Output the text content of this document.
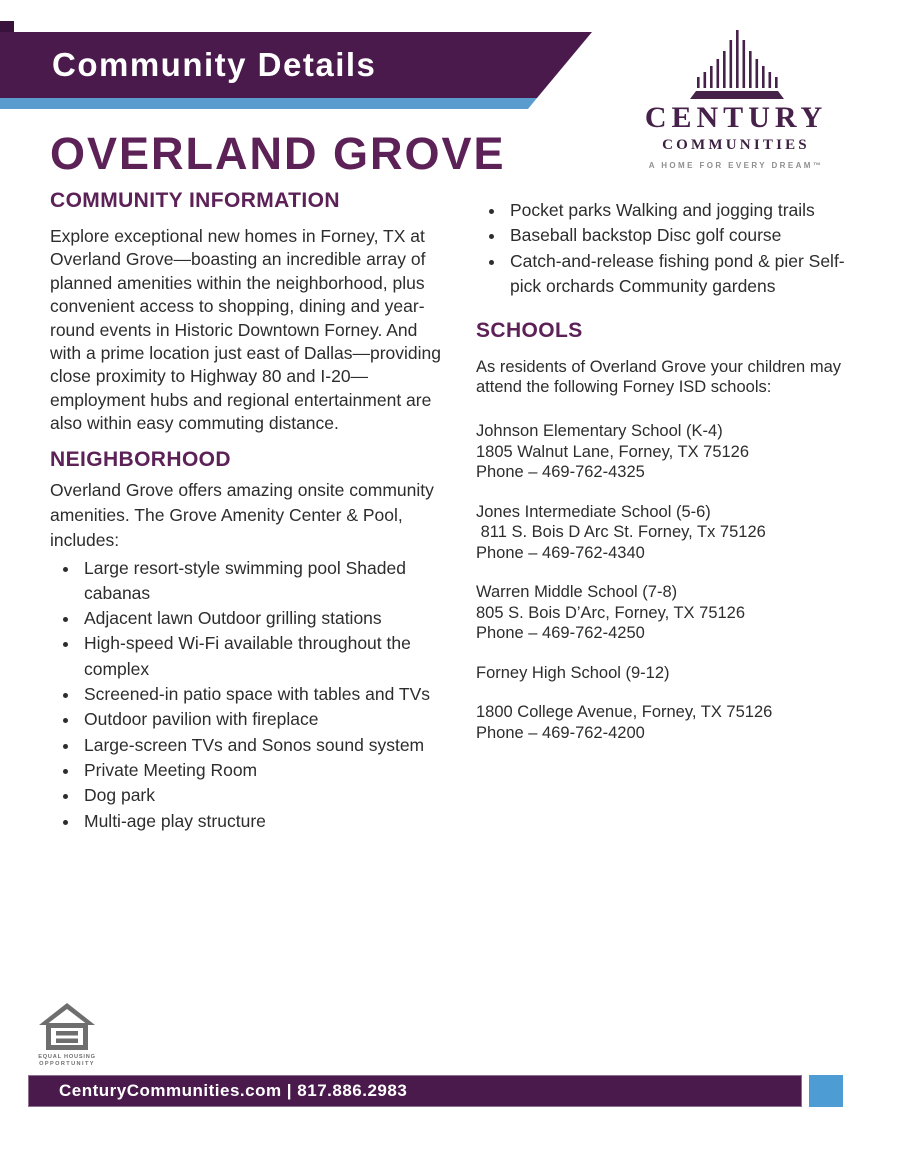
Community Details
CENTURY
COMMUNITIES
A HOME FOR EVERY DREAM™
OVERLAND GROVE
COMMUNITY INFORMATION
Explore exceptional new homes in Forney, TX at Overland Grove—boasting an incredible array of planned amenities within the neighborhood, plus convenient access to shopping, dining and year-round events in Historic Downtown Forney. And with a prime location just east of Dallas—providing close proximity to Highway 80 and I-20—employment hubs and regional entertainment are also within easy commuting distance.
NEIGHBORHOOD
Overland Grove offers amazing onsite community amenities. The Grove Amenity Center & Pool, includes:
• Large resort-style swimming pool Shaded cabanas
• Adjacent lawn Outdoor grilling stations
• High-speed Wi-Fi available throughout the complex
• Screened-in patio space with tables and TVs
• Outdoor pavilion with fireplace
• Large-screen TVs and Sonos sound system
• Private Meeting Room
• Dog park
• Multi-age play structure
• Pocket parks Walking and jogging trails
• Baseball backstop Disc golf course
• Catch-and-release fishing pond & pier Self-pick orchards Community gardens
SCHOOLS
As residents of Overland Grove your children may attend the following Forney ISD schools:
Johnson Elementary School (K-4)
1805 Walnut Lane, Forney, TX 75126
Phone – 469-762-4325
Jones Intermediate School (5-6)
811 S. Bois D Arc St. Forney, Tx 75126
Phone – 469-762-4340
Warren Middle School (7-8)
805 S. Bois D’Arc, Forney, TX 75126
Phone – 469-762-4250
Forney High School (9-12)
1800 College Avenue, Forney, TX 75126
Phone – 469-762-4200
EQUAL HOUSING
OPPORTUNITY
CenturyCommunities.com | 817.886.2983
